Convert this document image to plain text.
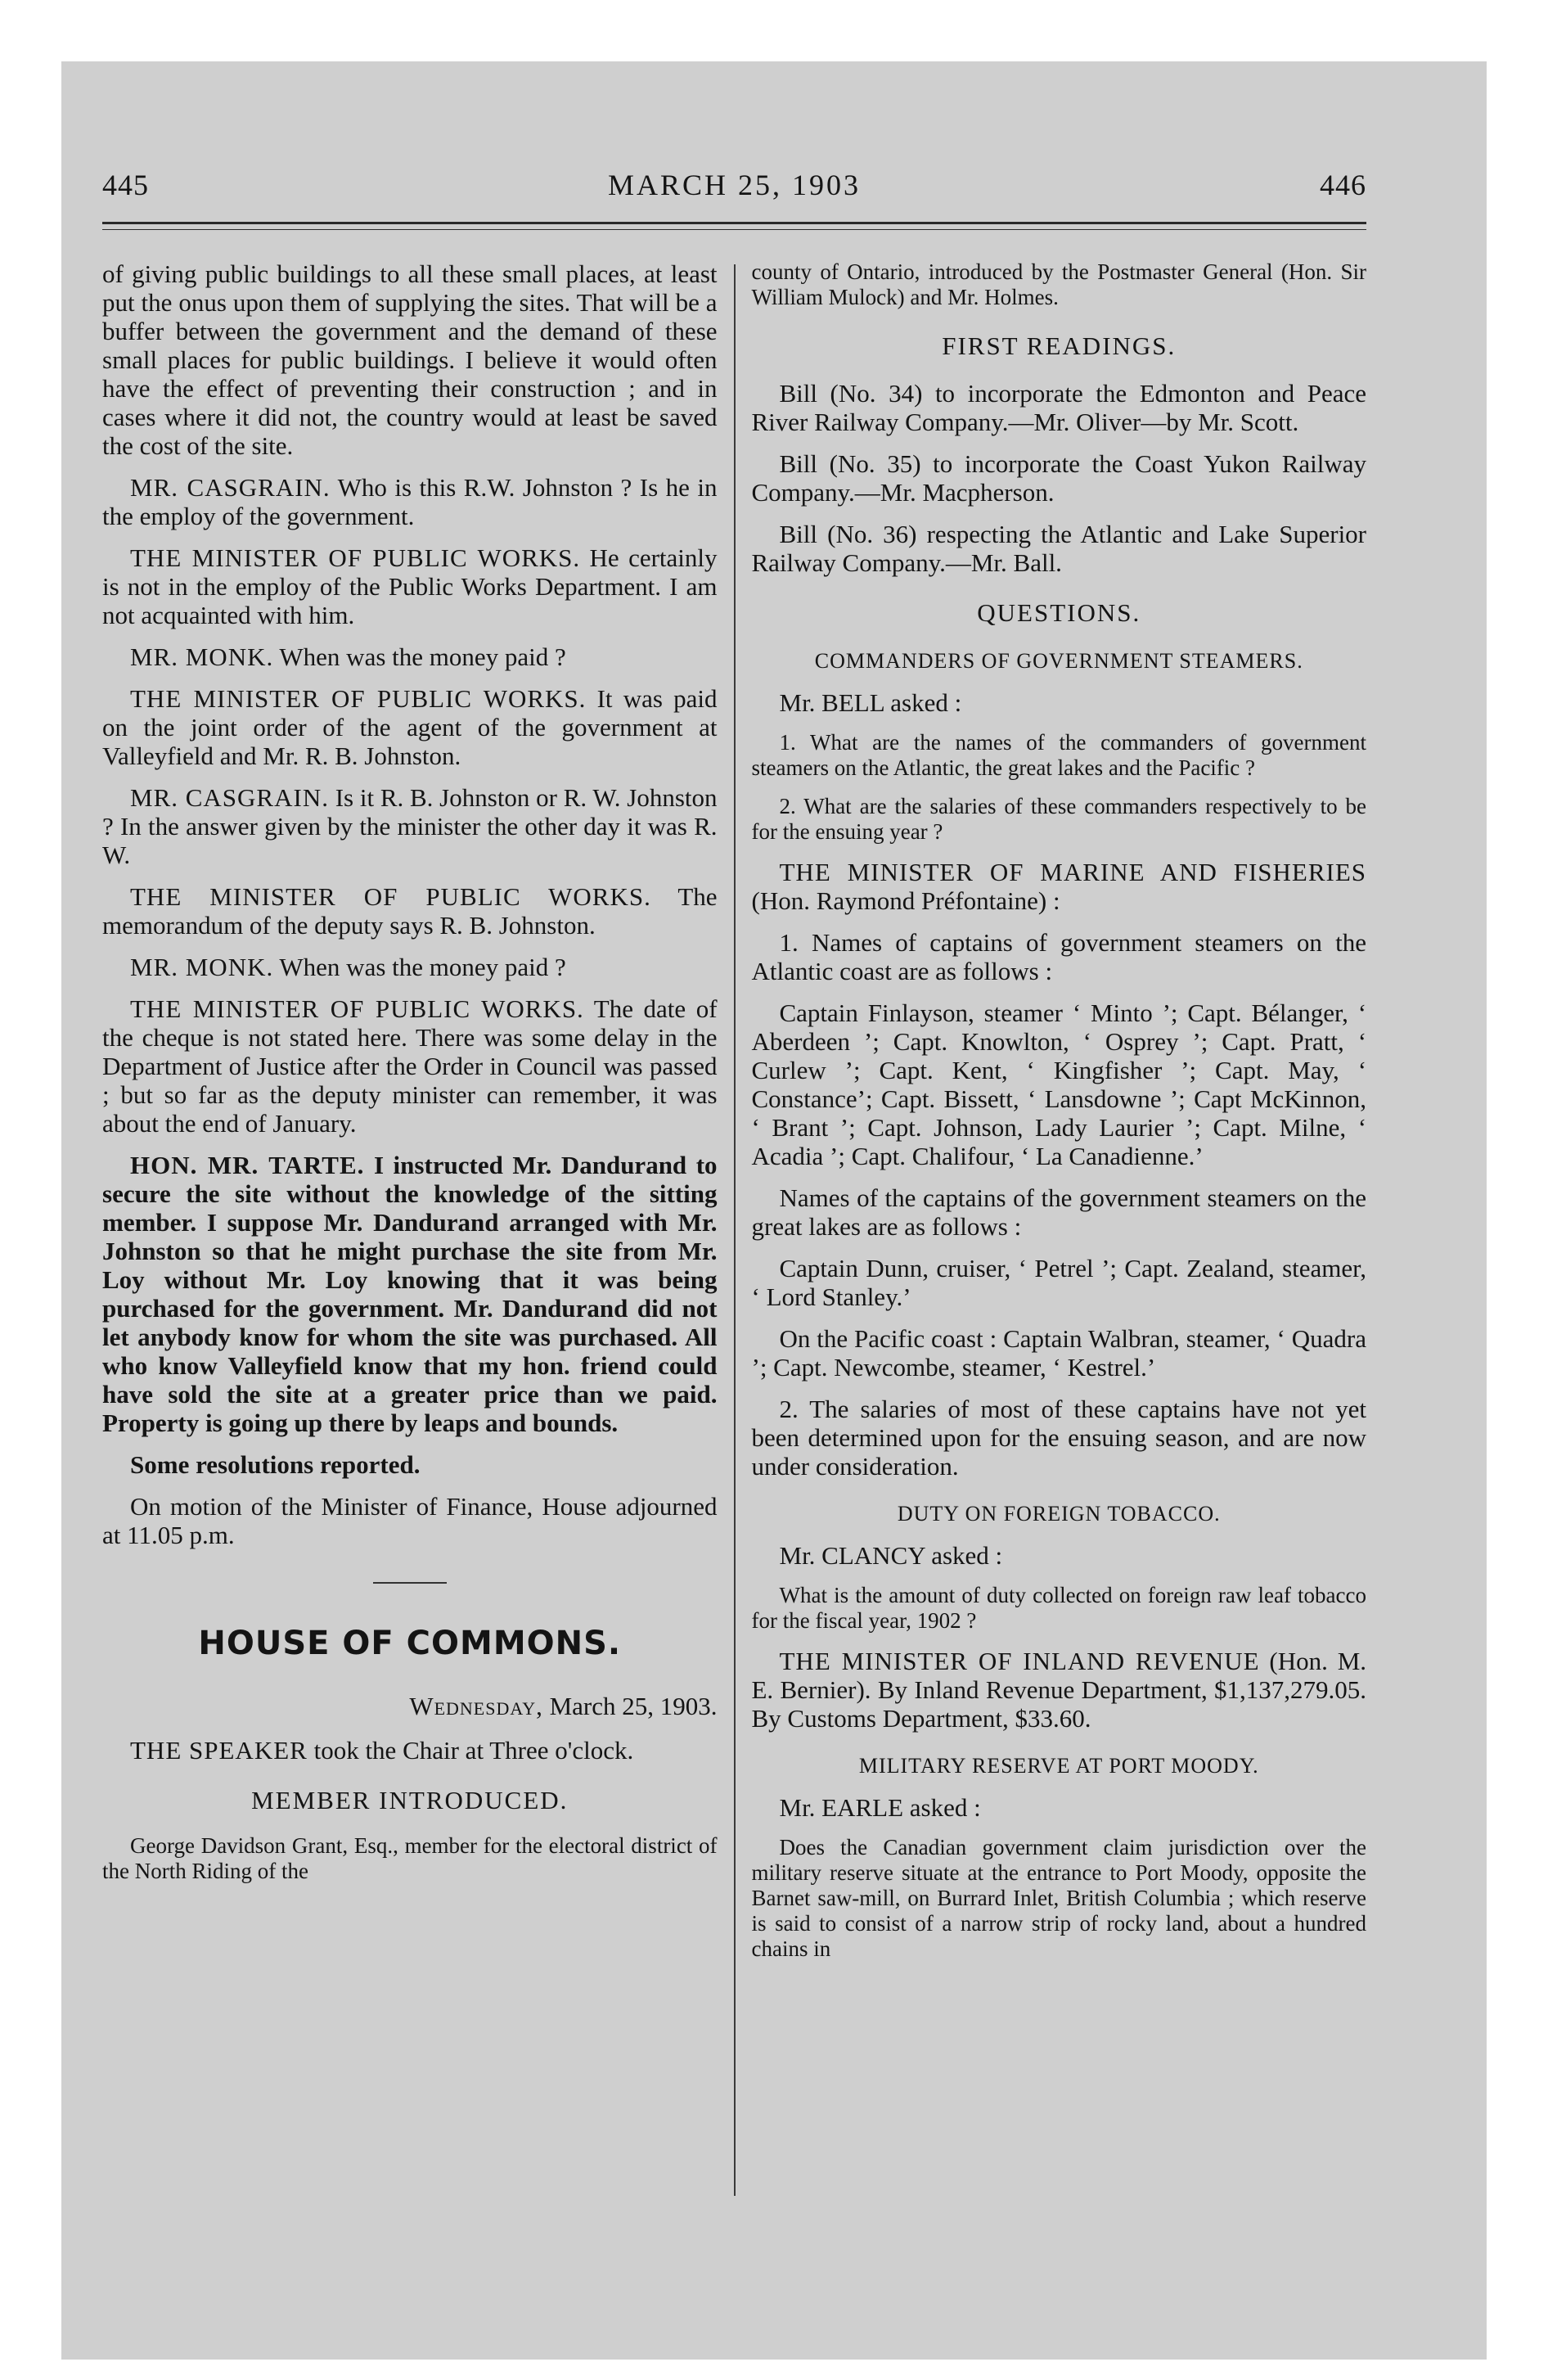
MARCH 25, 1903
445	446

of giving public buildings to all these small places, at least put the onus upon them of supplying the sites. That will be a buffer between the government and the demand of these small places for public buildings. I believe it would often have the effect of preventing their construction ; and in cases where it did not, the country would at least be saved the cost of the site.

MR. CASGRAIN. Who is this R.W. Johnston ? Is he in the employ of the government.

THE MINISTER OF PUBLIC WORKS. He certainly is not in the employ of the Public Works Department. I am not acquainted with him.

MR. MONK. When was the money paid ?

THE MINISTER OF PUBLIC WORKS. It was paid on the joint order of the agent of the government at Valleyfield and Mr. R. B. Johnston.

MR. CASGRAIN. Is it R. B. Johnston or R. W. Johnston ? In the answer given by the minister the other day it was R. W.

THE MINISTER OF PUBLIC WORKS. The memorandum of the deputy says R. B. Johnston.

MR. MONK. When was the money paid ?

THE MINISTER OF PUBLIC WORKS. The date of the cheque is not stated here. There was some delay in the Department of Justice after the Order in Council was passed ; but so far as the deputy minister can remember, it was about the end of January.

HON. MR. TARTE. I instructed Mr. Dandurand to secure the site without the knowledge of the sitting member. I suppose Mr. Dandurand arranged with Mr. Johnston so that he might purchase the site from Mr. Loy without Mr. Loy knowing that it was being purchased for the government. Mr. Dandurand did not let anybody know for whom the site was purchased. All who know Valleyfield know that my hon. friend could have sold the site at a greater price than we paid. Property is going up there by leaps and bounds.

Some resolutions reported.

On motion of the Minister of Finance, House adjourned at 11.05 p.m.

HOUSE OF COMMONS.
Wednesday, March 25, 1903.

THE SPEAKER took the Chair at Three o'clock.

MEMBER INTRODUCED.

George Davidson Grant, Esq., member for the electoral district of the North Riding of the

county of Ontario, introduced by the Postmaster General (Hon. Sir William Mulock) and Mr. Holmes.

FIRST READINGS.

Bill (No. 34) to incorporate the Edmonton and Peace River Railway Company.—Mr. Oliver—by Mr. Scott.

Bill (No. 35) to incorporate the Coast Yukon Railway Company.—Mr. Macpherson.

Bill (No. 36) respecting the Atlantic and Lake Superior Railway Company.—Mr. Ball.

QUESTIONS.
COMMANDERS OF GOVERNMENT STEAMERS.

Mr. BELL asked :

1. What are the names of the commanders of government steamers on the Atlantic, the great lakes and the Pacific ?

2. What are the salaries of these commanders respectively to be for the ensuing year ?

THE MINISTER OF MARINE AND FISHERIES (Hon. Raymond Préfontaine) :

1. Names of captains of government steamers on the Atlantic coast are as follows :

Captain Finlayson, steamer ‘ Minto ’; Capt. Bélanger, ‘ Aberdeen ’; Capt. Knowlton, ‘ Osprey ’; Capt. Pratt, ‘ Curlew ’; Capt. Kent, ‘ Kingfisher ’; Capt. May, ‘ Constance’; Capt. Bissett, ‘ Lansdowne ’; Capt McKinnon, ‘ Brant ’; Capt. Johnson, Lady Laurier ’; Capt. Milne, ‘ Acadia ’; Capt. Chalifour, ‘ La Canadienne.’

Names of the captains of the government steamers on the great lakes are as follows :

Captain Dunn, cruiser, ‘ Petrel ’; Capt. Zealand, steamer, ‘ Lord Stanley.’

On the Pacific coast : Captain Walbran, steamer, ‘ Quadra ’; Capt. Newcombe, steamer, ‘ Kestrel.’

2. The salaries of most of these captains have not yet been determined upon for the ensuing season, and are now under consideration.

DUTY ON FOREIGN TOBACCO.

Mr. CLANCY asked :

What is the amount of duty collected on foreign raw leaf tobacco for the fiscal year, 1902 ?

THE MINISTER OF INLAND REVENUE (Hon. M. E. Bernier). By Inland Revenue Department, $1,137,279.05. By Customs Department, $33.60.

MILITARY RESERVE AT PORT MOODY.

Mr. EARLE asked :

Does the Canadian government claim jurisdiction over the military reserve situate at the entrance to Port Moody, opposite the Barnet saw-mill, on Burrard Inlet, British Columbia ; which reserve is said to consist of a narrow strip of rocky land, about a hundred chains in
